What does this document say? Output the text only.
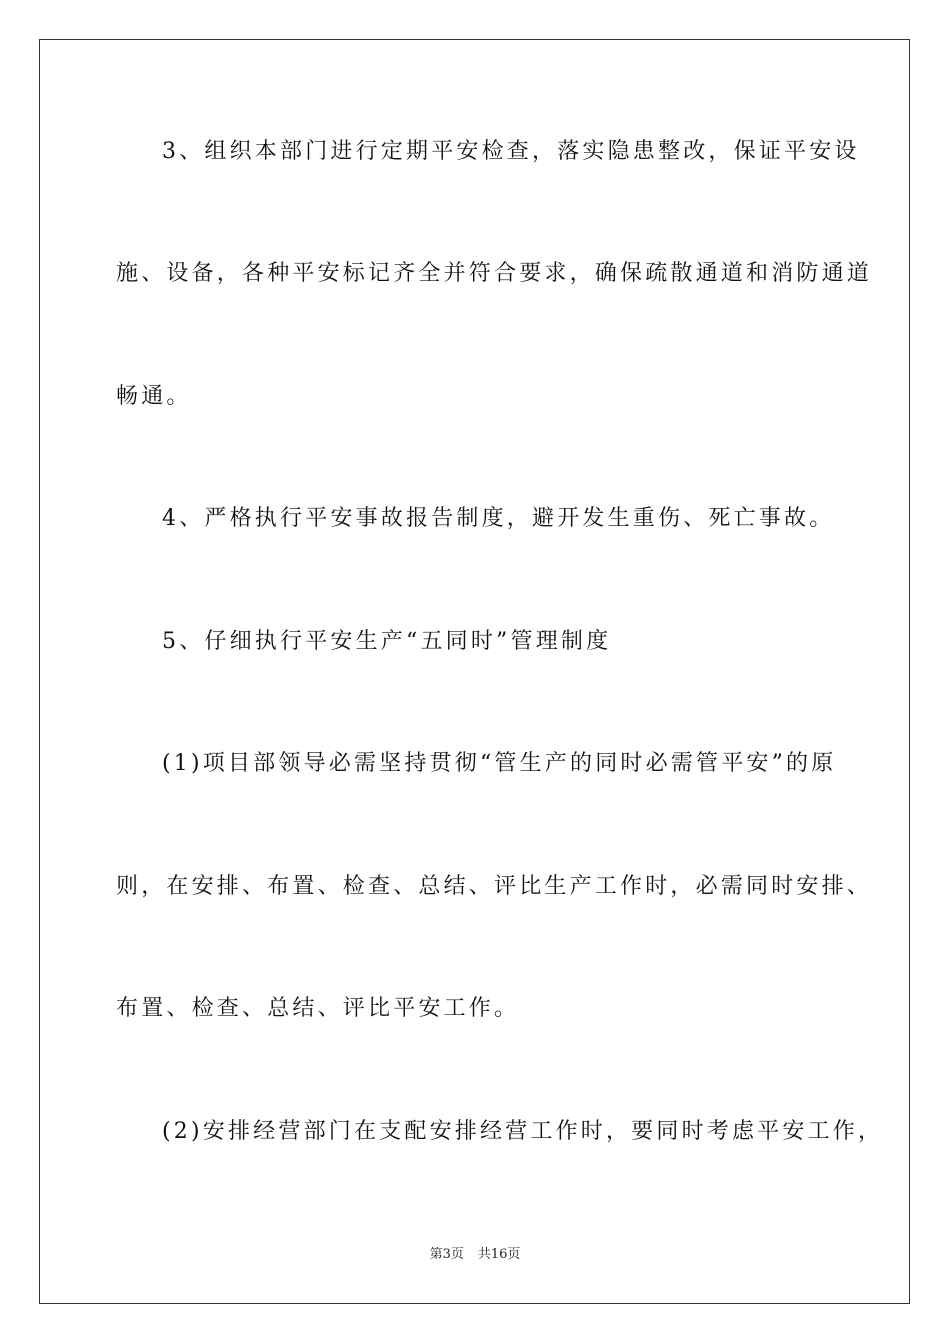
3、组织本部门进行定期平安检查，落实隐患整改，保证平安设
施、设备，各种平安标记齐全并符合要求，确保疏散通道和消防通道
畅通。
4、严格执行平安事故报告制度，避开发生重伤、死亡事故。
5、仔细执行平安生产“五同时”管理制度
(1)项目部领导必需坚持贯彻“管生产的同时必需管平安”的原
则，在安排、布置、检查、总结、评比生产工作时，必需同时安排、
布置、检查、总结、评比平安工作。
(2)安排经营部门在支配安排经营工作时，要同时考虑平安工作，
第3页 共16页
